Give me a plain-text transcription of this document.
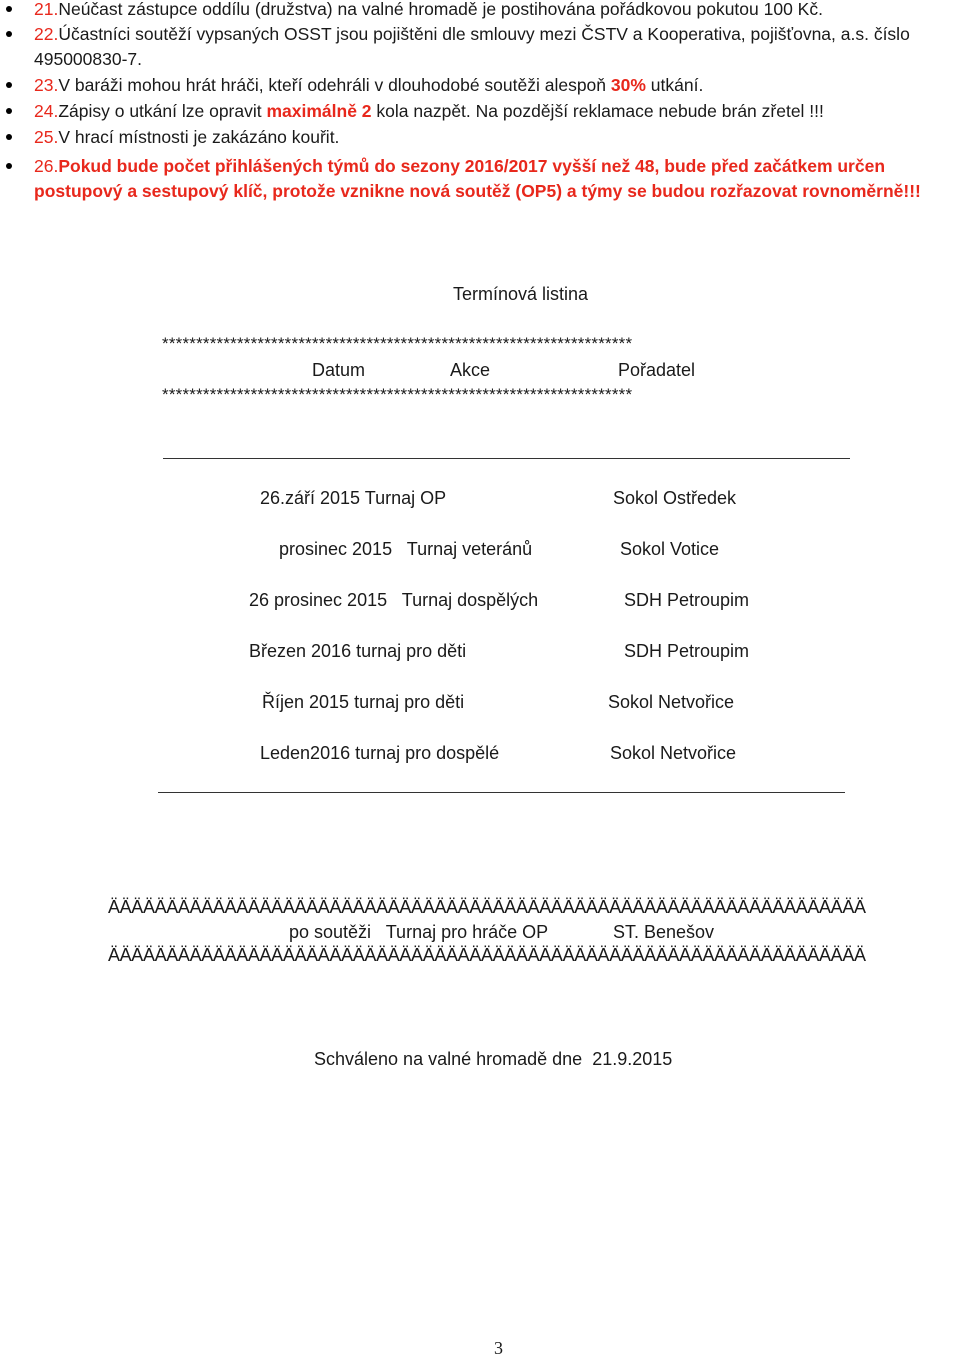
21.Neúčast zástupce oddílu (družstva) na valné hromadě je postihována pořádkovou pokutou 100 Kč.
22.Účastníci soutěží vypsaných OSST jsou pojištěni dle smlouvy mezi ČSTV a Kooperativa, pojišťovna, a.s. číslo
495000830-7.
23.V baráži mohou hrát hráči, kteří odehráli v dlouhodobé soutěži alespoň 30% utkání.
24.Zápisy o utkání lze opravit maximálně 2 kola nazpět. Na pozdější reklamace nebude brán zřetel !!!
25.V hrací místnosti je zakázáno kouřit.
26.Pokud bude počet přihlášených týmů do sezony 2016/2017 vyšší než 48, bude před začátkem určen
postupový a sestupový klíč, protože vznikne nová soutěž (OP5) a týmy se budou rozřazovat rovnoměrně!!!
Termínová listina
*********************************************************************
Datum	Akce	Pořadatel
*********************************************************************
26.září 2015 Turnaj OP	Sokol Ostředek
prosinec 2015   Turnaj veteránů	Sokol Votice
26 prosinec 2015   Turnaj dospělých	SDH Petroupim
Březen 2016 turnaj pro děti	SDH Petroupim
Říjen 2015 turnaj pro děti	Sokol Netvořice
Leden2016 turnaj pro dospělé	Sokol Netvořice
ÄÄÄÄÄÄÄÄÄÄÄÄÄÄÄÄÄÄÄÄÄÄÄÄÄÄÄÄÄÄÄÄÄÄÄÄÄÄÄÄÄÄÄÄÄÄÄÄÄÄÄÄÄÄÄÄÄÄÄÄÄÄÄÄÄ
po soutěži   Turnaj pro hráče OP	ST. Benešov
ÄÄÄÄÄÄÄÄÄÄÄÄÄÄÄÄÄÄÄÄÄÄÄÄÄÄÄÄÄÄÄÄÄÄÄÄÄÄÄÄÄÄÄÄÄÄÄÄÄÄÄÄÄÄÄÄÄÄÄÄÄÄÄÄÄ
Schváleno na valné hromadě dne  21.9.2015
3
